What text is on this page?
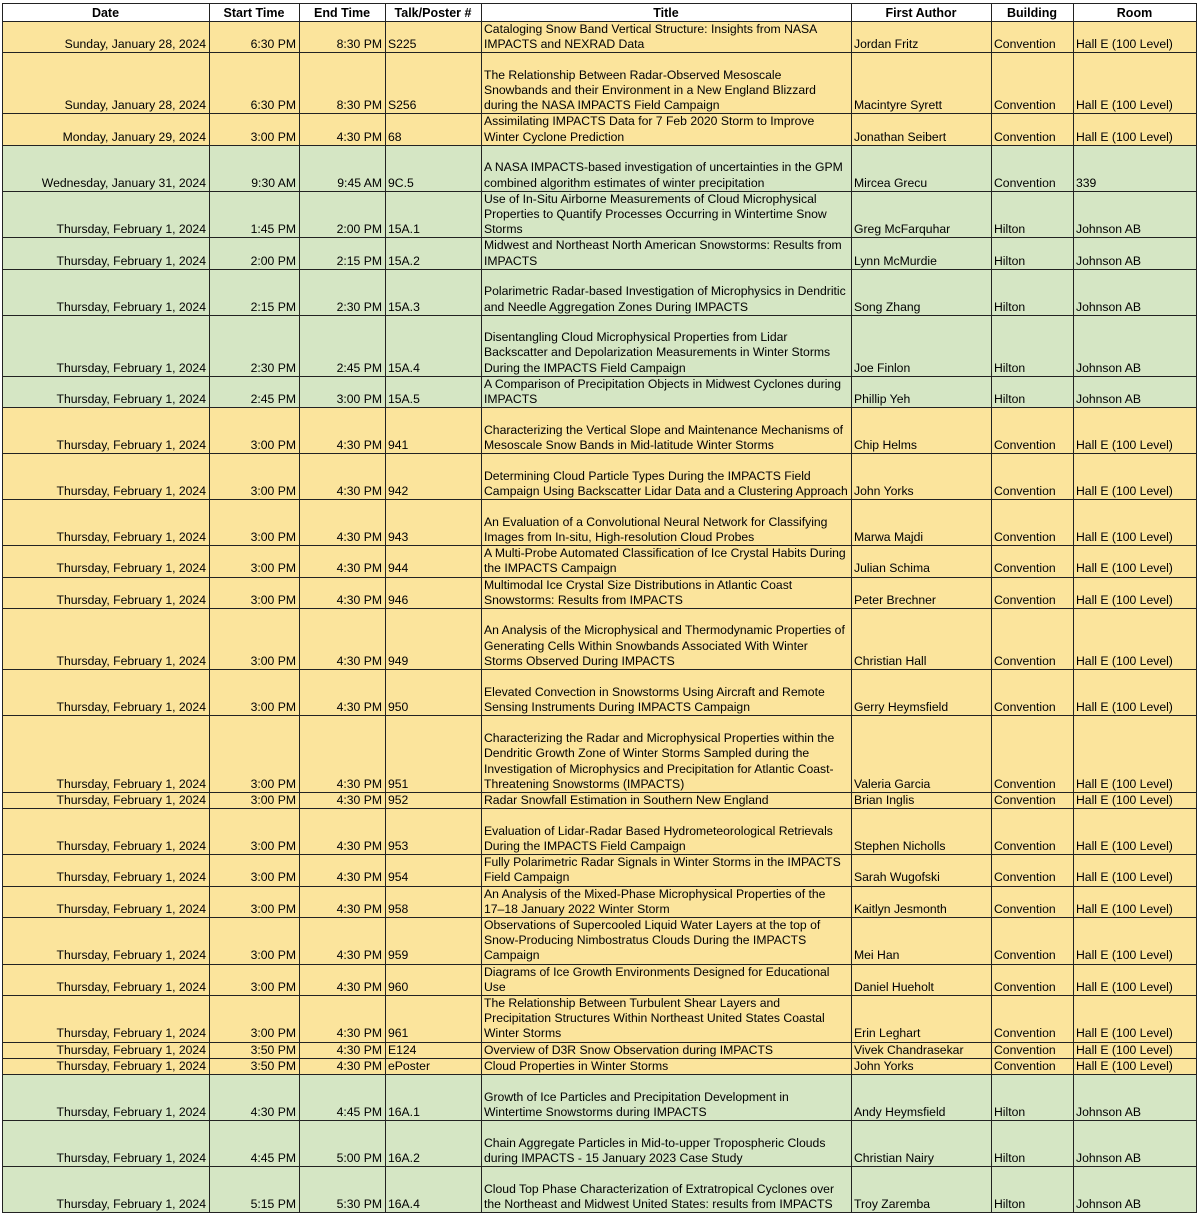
Date	Start Time	End Time	Talk/Poster #	Title	First Author	Building	Room
Sunday, January 28, 2024	6:30 PM	8:30 PM	S225	Cataloging Snow Band Vertical Structure: Insights from NASA IMPACTS and NEXRAD Data	Jordan Fritz	Convention	Hall E (100 Level)
Sunday, January 28, 2024	6:30 PM	8:30 PM	S256	The Relationship Between Radar-Observed Mesoscale Snowbands and their Environment in a New England Blizzard during the NASA IMPACTS Field Campaign	Macintyre Syrett	Convention	Hall E (100 Level)
Monday, January 29, 2024	3:00 PM	4:30 PM	68	Assimilating IMPACTS Data for 7 Feb 2020 Storm to Improve Winter Cyclone Prediction	Jonathan Seibert	Convention	Hall E (100 Level)
Wednesday, January 31, 2024	9:30 AM	9:45 AM	9C.5	A NASA IMPACTS-based investigation of uncertainties in the GPM combined algorithm estimates of winter precipitation	Mircea Grecu	Convention	339
Thursday, February 1, 2024	1:45 PM	2:00 PM	15A.1	Use of In-Situ Airborne Measurements of Cloud Microphysical Properties to Quantify Processes Occurring in Wintertime Snow Storms	Greg McFarquhar	Hilton	Johnson AB
Thursday, February 1, 2024	2:00 PM	2:15 PM	15A.2	Midwest and Northeast North American Snowstorms: Results from IMPACTS	Lynn McMurdie	Hilton	Johnson AB
Thursday, February 1, 2024	2:15 PM	2:30 PM	15A.3	Polarimetric Radar-based Investigation of Microphysics in Dendritic and Needle Aggregation Zones During IMPACTS	Song Zhang	Hilton	Johnson AB
Thursday, February 1, 2024	2:30 PM	2:45 PM	15A.4	Disentangling Cloud Microphysical Properties from Lidar Backscatter and Depolarization Measurements in Winter Storms During the IMPACTS Field Campaign	Joe Finlon	Hilton	Johnson AB
Thursday, February 1, 2024	2:45 PM	3:00 PM	15A.5	A Comparison of Precipitation Objects in Midwest Cyclones during IMPACTS	Phillip Yeh	Hilton	Johnson AB
Thursday, February 1, 2024	3:00 PM	4:30 PM	941	Characterizing the Vertical Slope and Maintenance Mechanisms of Mesoscale Snow Bands in Mid-latitude Winter Storms	Chip Helms	Convention	Hall E (100 Level)
Thursday, February 1, 2024	3:00 PM	4:30 PM	942	Determining Cloud Particle Types During the IMPACTS Field Campaign Using Backscatter Lidar Data and a Clustering Approach	John Yorks	Convention	Hall E (100 Level)
Thursday, February 1, 2024	3:00 PM	4:30 PM	943	An Evaluation of a Convolutional Neural Network for Classifying Images from In-situ, High-resolution Cloud Probes	Marwa Majdi	Convention	Hall E (100 Level)
Thursday, February 1, 2024	3:00 PM	4:30 PM	944	A Multi-Probe Automated Classification of Ice Crystal Habits During the IMPACTS Campaign	Julian Schima	Convention	Hall E (100 Level)
Thursday, February 1, 2024	3:00 PM	4:30 PM	946	Multimodal Ice Crystal Size Distributions in Atlantic Coast Snowstorms: Results from IMPACTS	Peter Brechner	Convention	Hall E (100 Level)
Thursday, February 1, 2024	3:00 PM	4:30 PM	949	An Analysis of the Microphysical and Thermodynamic Properties of Generating Cells Within Snowbands Associated With Winter Storms Observed During IMPACTS	Christian Hall	Convention	Hall E (100 Level)
Thursday, February 1, 2024	3:00 PM	4:30 PM	950	Elevated Convection in Snowstorms Using Aircraft and Remote Sensing Instruments During IMPACTS Campaign	Gerry Heymsfield	Convention	Hall E (100 Level)
Thursday, February 1, 2024	3:00 PM	4:30 PM	951	Characterizing the Radar and Microphysical Properties within the Dendritic Growth Zone of Winter Storms Sampled during the Investigation of Microphysics and Precipitation for Atlantic Coast-Threatening Snowstorms (IMPACTS)	Valeria Garcia	Convention	Hall E (100 Level)
Thursday, February 1, 2024	3:00 PM	4:30 PM	952	Radar Snowfall Estimation in Southern New England	Brian Inglis	Convention	Hall E (100 Level)
Thursday, February 1, 2024	3:00 PM	4:30 PM	953	Evaluation of Lidar-Radar Based Hydrometeorological Retrievals During the IMPACTS Field Campaign	Stephen Nicholls	Convention	Hall E (100 Level)
Thursday, February 1, 2024	3:00 PM	4:30 PM	954	Fully Polarimetric Radar Signals in Winter Storms in the IMPACTS Field Campaign	Sarah Wugofski	Convention	Hall E (100 Level)
Thursday, February 1, 2024	3:00 PM	4:30 PM	958	An Analysis of the Mixed-Phase Microphysical Properties of the 17–18 January 2022 Winter Storm	Kaitlyn Jesmonth	Convention	Hall E (100 Level)
Thursday, February 1, 2024	3:00 PM	4:30 PM	959	Observations of Supercooled Liquid Water Layers at the top of Snow-Producing Nimbostratus Clouds During the IMPACTS Campaign	Mei Han	Convention	Hall E (100 Level)
Thursday, February 1, 2024	3:00 PM	4:30 PM	960	Diagrams of Ice Growth Environments Designed for Educational Use	Daniel Hueholt	Convention	Hall E (100 Level)
Thursday, February 1, 2024	3:00 PM	4:30 PM	961	The Relationship Between Turbulent Shear Layers and Precipitation Structures Within Northeast United States Coastal Winter Storms	Erin Leghart	Convention	Hall E (100 Level)
Thursday, February 1, 2024	3:50 PM	4:30 PM	E124	Overview of D3R Snow Observation during IMPACTS	Vivek Chandrasekar	Convention	Hall E (100 Level)
Thursday, February 1, 2024	3:50 PM	4:30 PM	ePoster	Cloud Properties in Winter Storms	John Yorks	Convention	Hall E (100 Level)
Thursday, February 1, 2024	4:30 PM	4:45 PM	16A.1	Growth of Ice Particles and Precipitation Development in Wintertime Snowstorms during IMPACTS	Andy Heymsfield	Hilton	Johnson AB
Thursday, February 1, 2024	4:45 PM	5:00 PM	16A.2	Chain Aggregate Particles in Mid-to-upper Tropospheric Clouds during IMPACTS - 15 January 2023 Case Study	Christian Nairy	Hilton	Johnson AB
Thursday, February 1, 2024	5:15 PM	5:30 PM	16A.4	Cloud Top Phase Characterization of Extratropical Cyclones over the Northeast and Midwest United States: results from IMPACTS	Troy Zaremba	Hilton	Johnson AB
